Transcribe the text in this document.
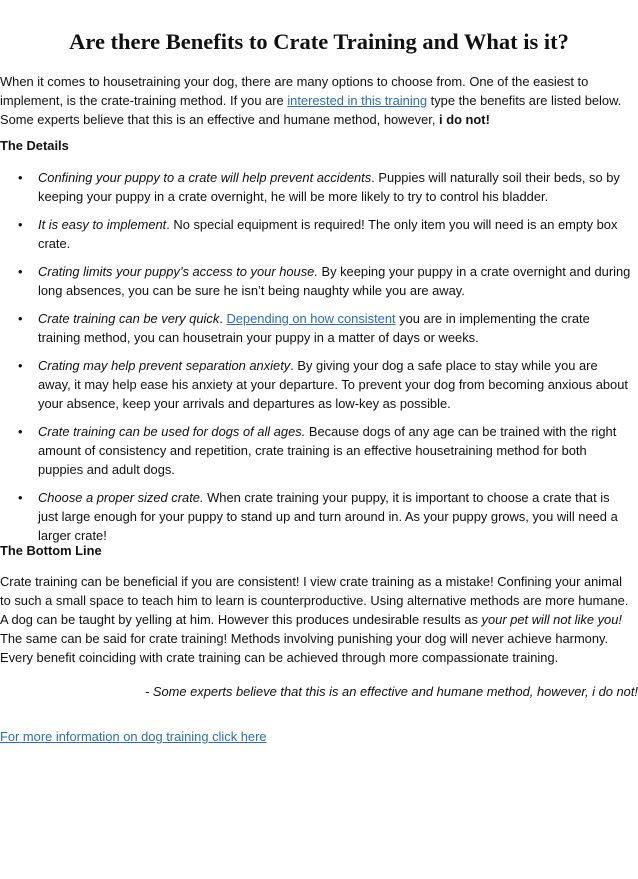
Are there Benefits to Crate Training and What is it?

When it comes to housetraining your dog, there are many options to choose from. One of the easiest to implement, is the crate-training method. If you are interested in this training type the benefits are listed below. Some experts believe that this is an effective and humane method, however, i do not!

The Details

• Confining your puppy to a crate will help prevent accidents. Puppies will naturally soil their beds, so by keeping your puppy in a crate overnight, he will be more likely to try to control his bladder.
• It is easy to implement. No special equipment is required! The only item you will need is an empty box crate.
• Crating limits your puppy’s access to your house. By keeping your puppy in a crate overnight and during long absences, you can be sure he isn’t being naughty while you are away.
• Crate training can be very quick. Depending on how consistent you are in implementing the crate training method, you can housetrain your puppy in a matter of days or weeks.
• Crating may help prevent separation anxiety. By giving your dog a safe place to stay while you are away, it may help ease his anxiety at your departure. To prevent your dog from becoming anxious about your absence, keep your arrivals and departures as low-key as possible.
• Crate training can be used for dogs of all ages. Because dogs of any age can be trained with the right amount of consistency and repetition, crate training is an effective housetraining method for both puppies and adult dogs.
• Choose a proper sized crate. When crate training your puppy, it is important to choose a crate that is just large enough for your puppy to stand up and turn around in. As your puppy grows, you will need a larger crate!

The Bottom Line

Crate training can be beneficial if you are consistent! I view crate training as a mistake! Confining your animal to such a small space to teach him to learn is counterproductive. Using alternative methods are more humane. A dog can be taught by yelling at him. However this produces undesirable results as your pet will not like you! The same can be said for crate training! Methods involving punishing your dog will never achieve harmony. Every benefit coinciding with crate training can be achieved through more compassionate training.

- Some experts believe that this is an effective and humane method, however, i do not!

For more information on dog training click here
